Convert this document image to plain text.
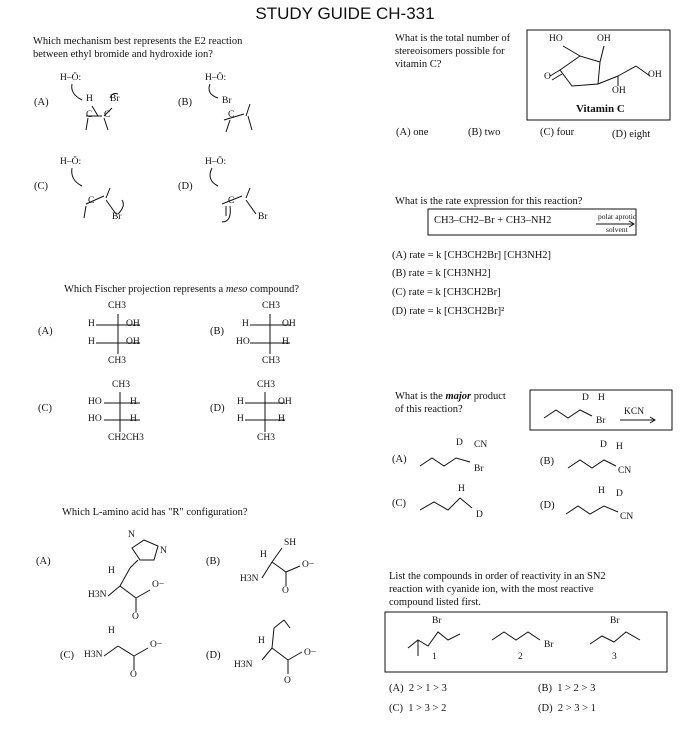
STUDY GUIDE CH-331
Which mechanism best represents the E2 reaction
between ethyl bromide and hydroxide ion?
(A)	(B)
(C)	(D)
H–Ö:	H–Ö:
H–Ö:	H–Ö:
H Br
C C	C
Br
C
Br
C
Br
What is the total number of
stereoisomers possible for
vitamin C?
HO	OH
O
OH
OH
Vitamin C
(A) one	(B) two	(C) four	(D) eight
What is the rate expression for this reaction?
CH3–CH2–Br + CH3–NH2	polar aprotic
solvent
(A) rate = k [CH3CH2Br] [CH3NH2]
(B) rate = k [CH3NH2]
(C) rate = k [CH3CH2Br]
(D) rate = k [CH3CH2Br]²
Which Fischer projection represents a meso compound?
(A)	(B)
(C)	(D)
CH3
H	OH
H	OH
CH3
CH3
H	OH
HO	H
CH3
CH3
HO	H
HO	H
CH2CH3
CH3
H	OH
H	H
CH3
What is the major product
of this reaction?
D H
Br
KCN
(A)	(B)
(C)	(D)
D CN
Br
D H
CN
H
D
H D
CN
Which L-amino acid has "R" configuration?
(A)	(B)
(C)	(D)
N
N
H
H3N
O−
O
SH
H
H3N
O−
O
H
H3N
O−
O
H
H3N
O−
O
List the compounds in order of reactivity in an SN2
reaction with cyanide ion, with the most reactive
compound listed first.
Br
1
Br
2
Br
3
(A) 2 > 1 > 3	(B) 1 > 2 > 3
(C) 1 > 3 > 2	(D) 2 > 3 > 1
